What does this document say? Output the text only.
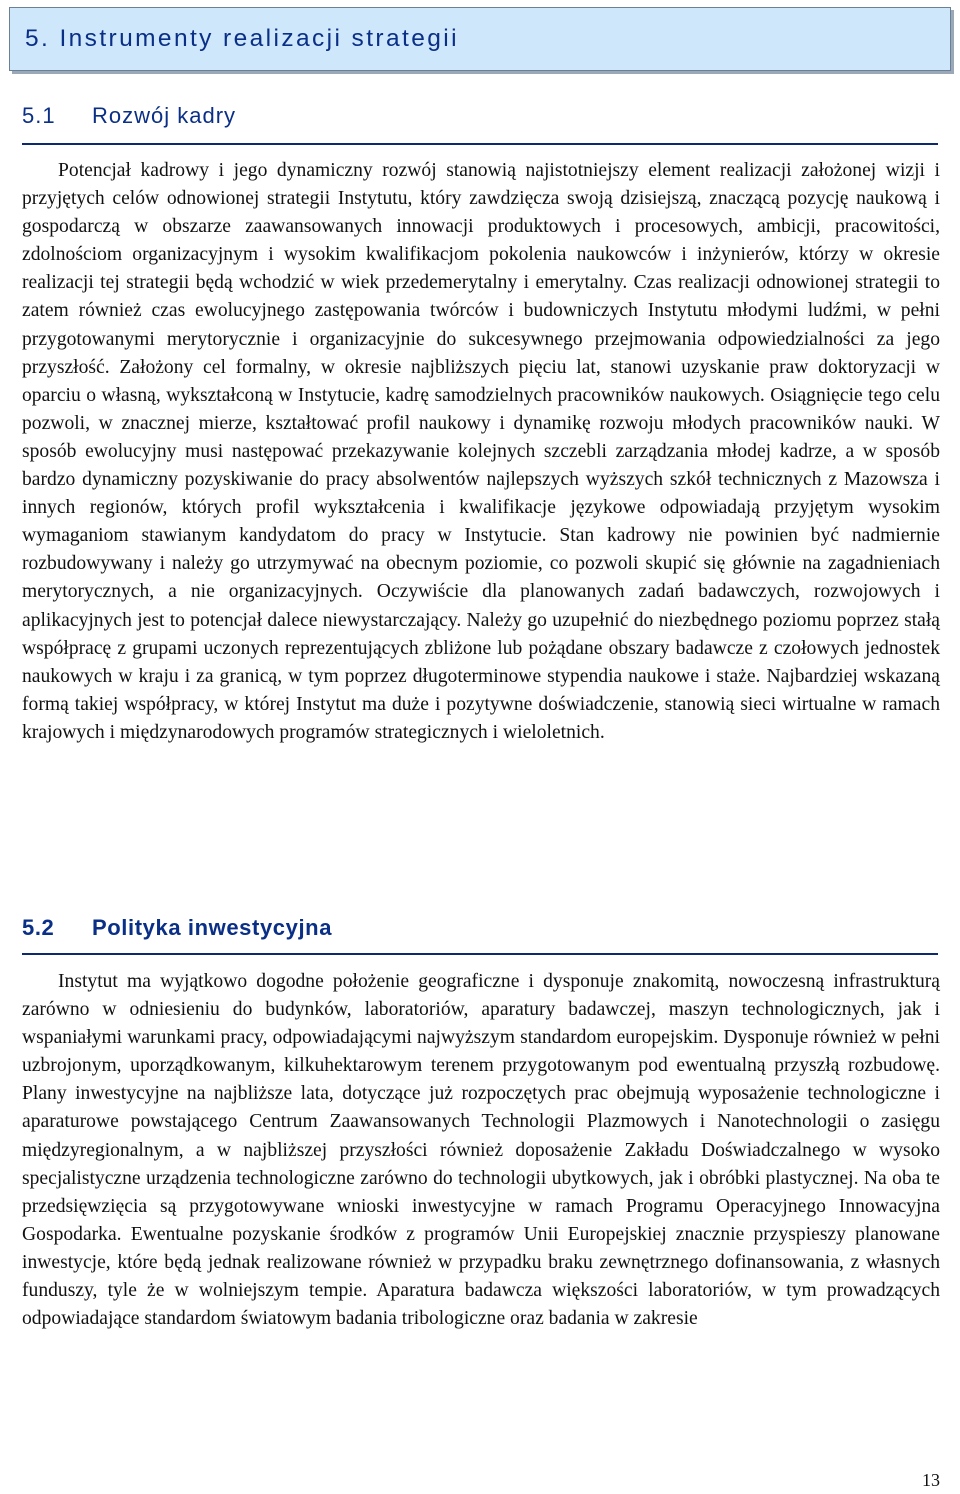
5. Instrumenty realizacji strategii
5.1 Rozwój kadry

Potencjał kadrowy i jego dynamiczny rozwój stanowią najistotniejszy element realizacji założonej wizji i przyjętych celów odnowionej strategii Instytutu, który zawdzięcza swoją dzisiejszą, znaczącą pozycję naukową i gospodarczą w obszarze zaawansowanych innowacji produktowych i procesowych, ambicji, pracowitości, zdolnościom organizacyjnym i wysokim kwalifikacjom pokolenia naukowców i inżynierów, którzy w okresie realizacji tej strategii będą wchodzić w wiek przedemerytalny i emerytalny. Czas realizacji odnowionej strategii to zatem również czas ewolucyjnego zastępowania twórców i budowniczych Instytutu młodymi ludźmi, w pełni przygotowanymi merytorycznie i organizacyjnie do sukcesywnego przejmowania odpowiedzialności za jego przyszłość. Założony cel formalny, w okresie najbliższych pięciu lat, stanowi uzyskanie praw doktoryzacji w oparciu o własną, wykształconą w Instytucie, kadrę samodzielnych pracowników naukowych. Osiągnięcie tego celu pozwoli, w znacznej mierze, kształtować profil naukowy i dynamikę rozwoju młodych pracowników nauki. W sposób ewolucyjny musi następować przekazywanie kolejnych szczebli zarządzania młodej kadrze, a w sposób bardzo dynamiczny pozyskiwanie do pracy absolwentów najlepszych wyższych szkół technicznych z Mazowsza i innych regionów, których profil wykształcenia i kwalifikacje językowe odpowiadają przyjętym wysokim wymaganiom stawianym kandydatom do pracy w Instytucie. Stan kadrowy nie powinien być nadmiernie rozbudowywany i należy go utrzymywać na obecnym poziomie, co pozwoli skupić się głównie na zagadnieniach merytorycznych, a nie organizacyjnych. Oczywiście dla planowanych zadań badawczych, rozwojowych i aplikacyjnych jest to potencjał dalece niewystarczający. Należy go uzupełnić do niezbędnego poziomu poprzez stałą współpracę z grupami uczonych reprezentujących zbliżone lub pożądane obszary badawcze z czołowych jednostek naukowych w kraju i za granicą, w tym poprzez długoterminowe stypendia naukowe i staże. Najbardziej wskazaną formą takiej współpracy, w której Instytut ma duże i pozytywne doświadczenie, stanowią sieci wirtualne w ramach krajowych i międzynarodowych programów strategicznych i wieloletnich.

5.2 Polityka inwestycyjna

Instytut ma wyjątkowo dogodne położenie geograficzne i dysponuje znakomitą, nowoczesną infrastrukturą zarówno w odniesieniu do budynków, laboratoriów, aparatury badawczej, maszyn technologicznych, jak i wspaniałymi warunkami pracy, odpowiadającymi najwyższym standardom europejskim. Dysponuje również w pełni uzbrojonym, uporządkowanym, kilkuhektarowym terenem przygotowanym pod ewentualną przyszłą rozbudowę. Plany inwestycyjne na najbliższe lata, dotyczące już rozpoczętych prac obejmują wyposażenie technologiczne i aparaturowe powstającego Centrum Zaawansowanych Technologii Plazmowych i Nanotechnologii o zasięgu międzyregionalnym, a w najbliższej przyszłości również doposażenie Zakładu Doświadczalnego w wysoko specjalistyczne urządzenia technologiczne zarówno do technologii ubytkowych, jak i obróbki plastycznej. Na oba te przedsięwzięcia są przygotowywane wnioski inwestycyjne w ramach Programu Operacyjnego Innowacyjna Gospodarka. Ewentualne pozyskanie środków z programów Unii Europejskiej znacznie przyspieszy planowane inwestycje, które będą jednak realizowane również w przypadku braku zewnętrznego dofinansowania, z własnych funduszy, tyle że w wolniejszym tempie. Aparatura badawcza większości laboratoriów, w tym prowadzących odpowiadające standardom światowym badania tribologiczne oraz badania w zakresie

13
